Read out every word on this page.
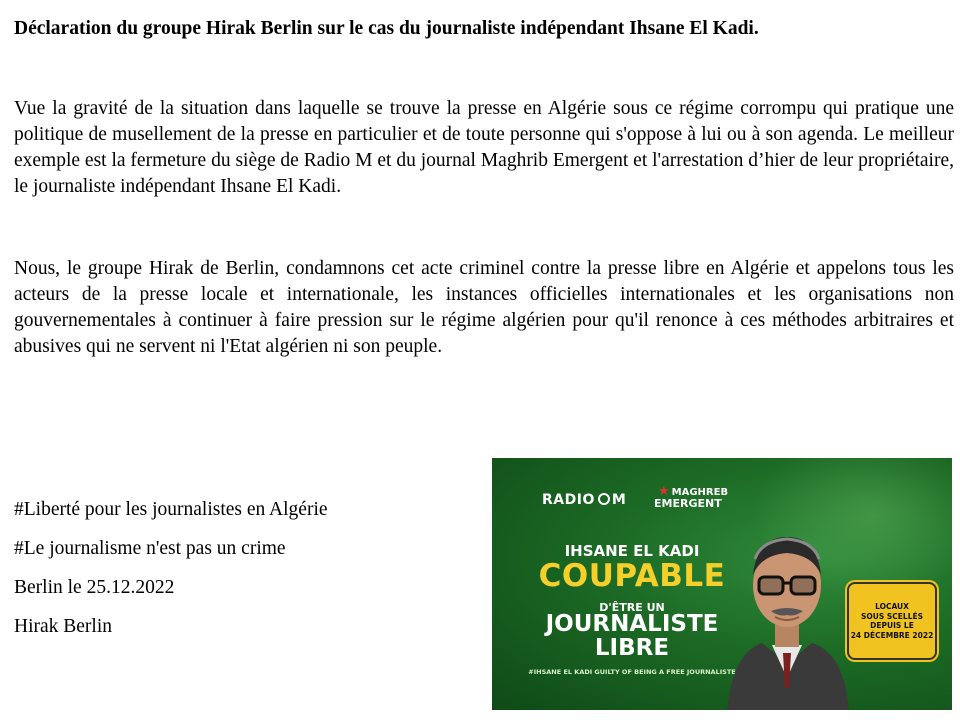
Déclaration du groupe Hirak Berlin sur le cas du journaliste indépendant Ihsane El Kadi.
Vue la gravité de la situation dans laquelle se trouve la presse en Algérie sous ce régime corrompu qui pratique une politique de musellement de la presse en particulier et de toute personne qui s'oppose à lui ou à son agenda. Le meilleur exemple est la fermeture du siège de Radio M et du journal Maghrib Emergent et l'arrestation d’hier de leur propriétaire, le journaliste indépendant Ihsane El Kadi.
Nous, le groupe Hirak de Berlin, condamnons cet acte criminel contre la presse libre en Algérie et appelons tous les acteurs de la presse locale et internationale, les instances officielles internationales et les organisations non gouvernementales à continuer à faire pression sur le régime algérien pour qu'il renonce à ces méthodes arbitraires et abusives qui ne servent ni l'Etat algérien ni son peuple.
#Liberté pour les journalistes en Algérie
#Le journalisme n'est pas un crime
Berlin le 25.12.2022
Hirak Berlin
RADIO M
★ MAGHREB
EMERGENT
IHSANE EL KADI
COUPABLE
D'ÊTRE UN
JOURNALISTE
LIBRE
#IHSANE EL KADI GUILTY OF BEING A FREE JOURNALISTE
LOCAUX
SOUS SCELLÉS
DEPUIS LE
24 DÉCEMBRE 2022
